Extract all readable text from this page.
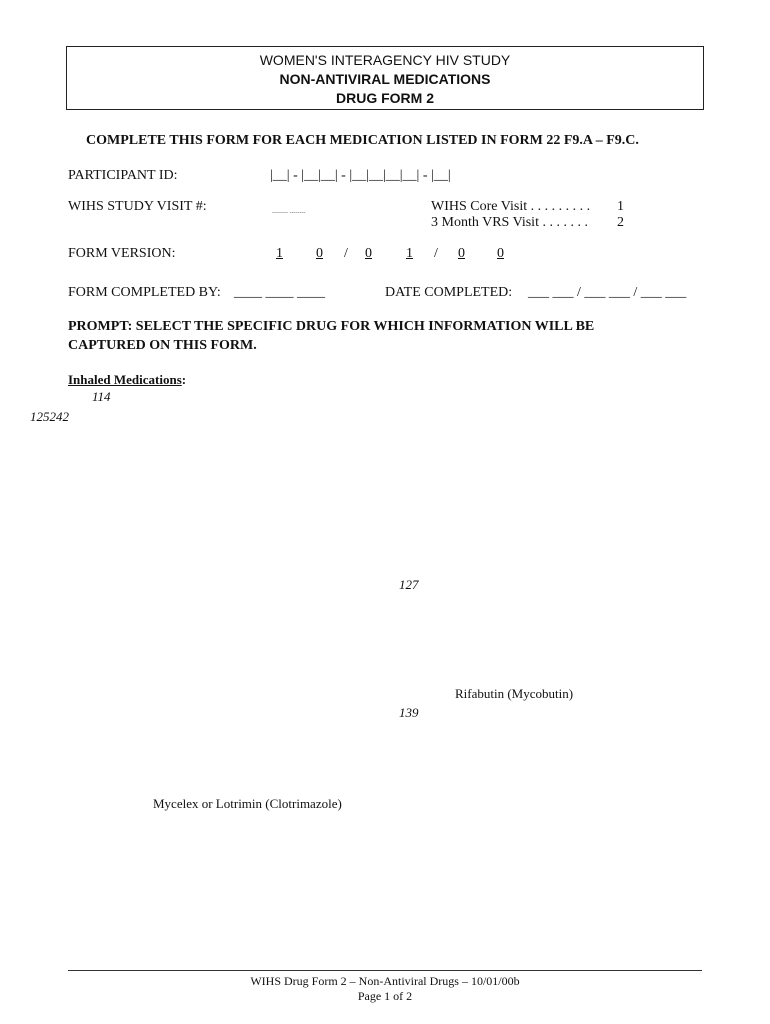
WOMEN'S INTERAGENCY HIV STUDY
NON-ANTIVIRAL MEDICATIONS
DRUG FORM 2
COMPLETE THIS FORM FOR EACH MEDICATION LISTED IN FORM 22 F9.A – F9.C.
PARTICIPANT ID:	|__| - |__|__| - |__|__|__|__| - |__|
WIHS STUDY VISIT #:	-------- --------	WIHS Core Visit . . . . . . . . . 1
3 Month VRS Visit . . . . . . . 2
FORM VERSION:	1 0 / 0 1 / 0 0
FORM COMPLETED BY: ____ ____ ____	DATE COMPLETED: ___ ___ / ___ ___ / ___ ___
PROMPT: SELECT THE SPECIFIC DRUG FOR WHICH INFORMATION WILL BE
CAPTURED ON THIS FORM.
Inhaled Medications:
114
125242
127
Rifabutin (Mycobutin)
139
Mycelex or Lotrimin (Clotrimazole)
WIHS Drug Form 2 – Non-Antiviral Drugs – 10/01/00b
Page 1 of 2
